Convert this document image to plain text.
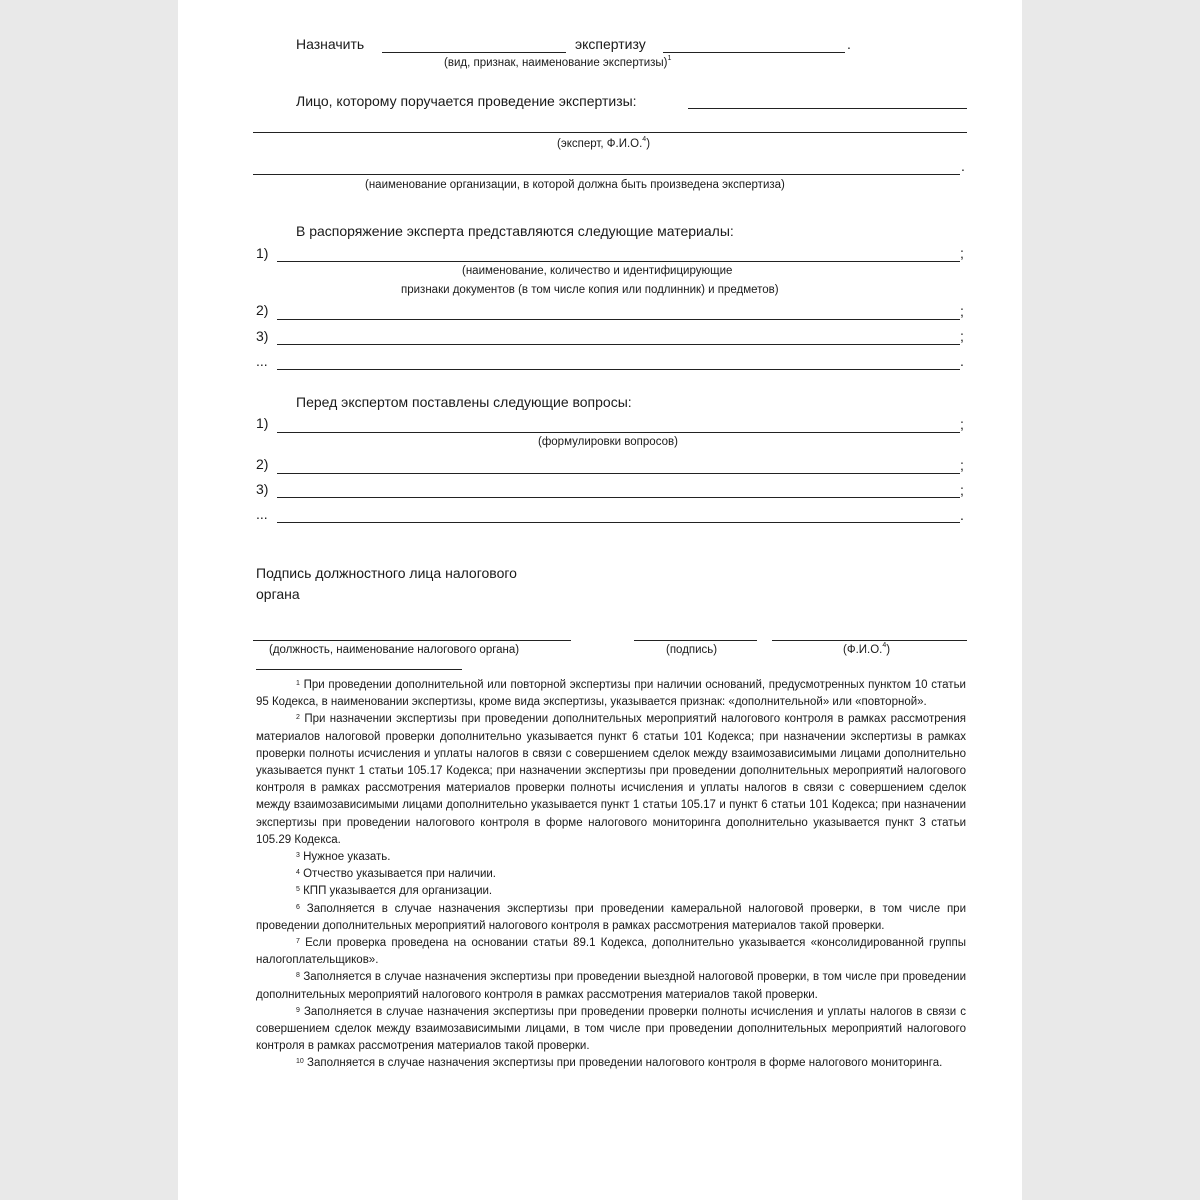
Назначить	экспертизу	.
(вид, признак, наименование экспертизы)$^1$
Лицо, которому поручается проведение экспертизы:
(эксперт, Ф.И.О.$^4$)
.
(наименование организации, в которой должна быть произведена экспертиза)
В распоряжение эксперта представляются следующие материалы:
1)	;
(наименование, количество и идентифицирующие
признаки документов (в том числе копия или подлинник) и предметов)
2)	;
3)	;
...	.
Перед экспертом поставлены следующие вопросы:
1)	;
(формулировки вопросов)
2)	;
3)	;
...	.
Подпись должностного лица налогового
органа
(должность, наименование налогового органа)	(подпись)	(Ф.И.О.$^4$)

$^1$ При проведении дополнительной или повторной экспертизы при наличии оснований, предусмотренных пунктом 10 статьи 95 Кодекса, в наименовании экспертизы, кроме вида экспертизы, указывается признак: «дополнительной» или «повторной».

$^2$ При назначении экспертизы при проведении дополнительных мероприятий налогового контроля в рамках рассмотрения материалов налоговой проверки дополнительно указывается пункт 6 статьи 101 Кодекса; при назначении экспертизы в рамках проверки полноты исчисления и уплаты налогов в связи с совершением сделок между взаимозависимыми лицами дополнительно указывается пункт 1 статьи 105.17 Кодекса; при назначении экспертизы при проведении дополнительных мероприятий налогового контроля в рамках рассмотрения материалов проверки полноты исчисления и уплаты налогов в связи с совершением сделок между взаимозависимыми лицами дополнительно указывается пункт 1 статьи 105.17 и пункт 6 статьи 101 Кодекса; при назначении экспертизы при проведении налогового контроля в форме налогового мониторинга дополнительно указывается пункт 3 статьи 105.29 Кодекса.

$^3$ Нужное указать.

$^4$ Отчество указывается при наличии.

$^5$ КПП указывается для организации.

$^6$ Заполняется в случае назначения экспертизы при проведении камеральной налоговой проверки, в том числе при проведении дополнительных мероприятий налогового контроля в рамках рассмотрения материалов такой проверки.

$^7$ Если проверка проведена на основании статьи 89.1 Кодекса, дополнительно указывается «консолидированной группы налогоплательщиков».

$^8$ Заполняется в случае назначения экспертизы при проведении выездной налоговой проверки, в том числе при проведении дополнительных мероприятий налогового контроля в рамках рассмотрения материалов такой проверки.

$^9$ Заполняется в случае назначения экспертизы при проведении проверки полноты исчисления и уплаты налогов в связи с совершением сделок между взаимозависимыми лицами, в том числе при проведении дополнительных мероприятий налогового контроля в рамках рассмотрения материалов такой проверки.

$^{10}$ Заполняется в случае назначения экспертизы при проведении налогового контроля в форме налогового мониторинга.
